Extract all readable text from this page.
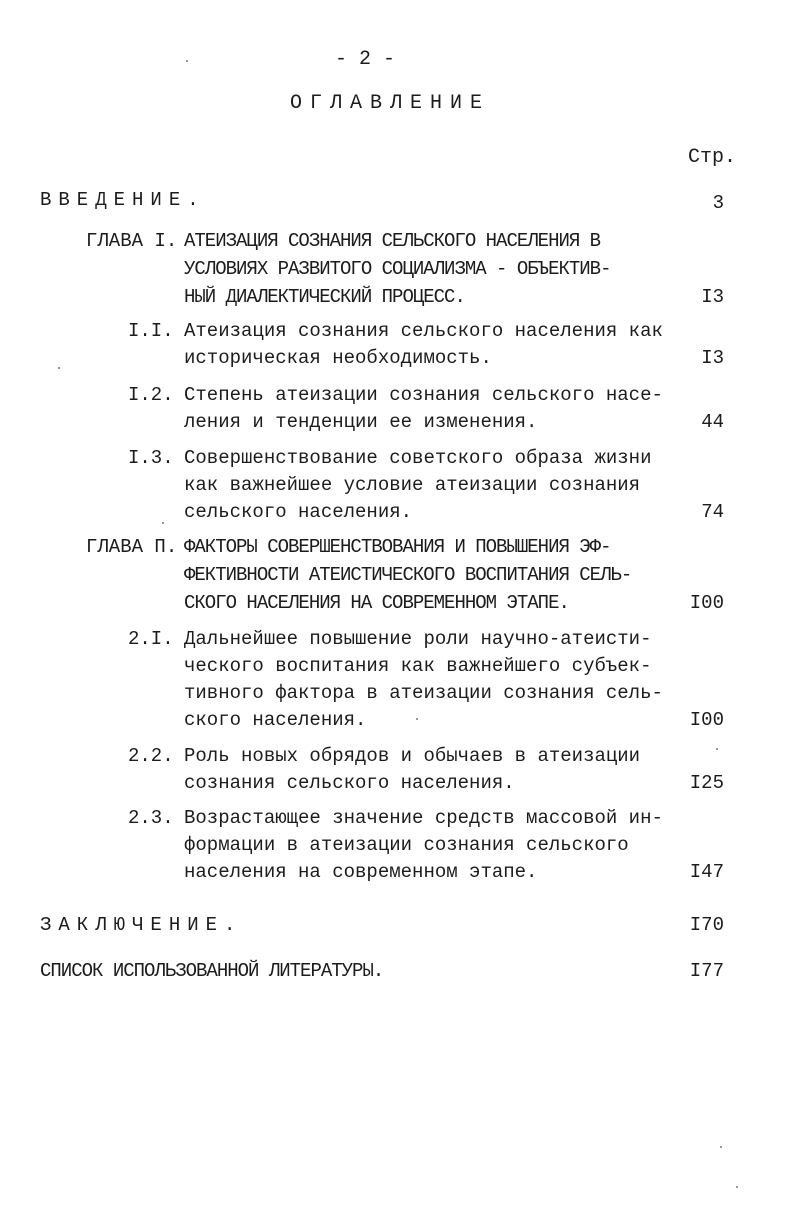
- 2 -
ОГЛАВЛЕНИЕ
Стр.
ВВЕДЕНИЕ.	3
ГЛАВА I. АТЕИЗАЦИЯ СОЗНАНИЯ СЕЛЬСКОГО НАСЕЛЕНИЯ В
УСЛОВИЯХ РАЗВИТОГО СОЦИАЛИЗМА - ОБЪЕКТИВ-
НЫЙ ДИАЛЕКТИЧЕСКИЙ ПРОЦЕСС.	I3
I.I. Атеизация сознания сельского населения как
историческая необходимость.	I3
I.2. Степень атеизации сознания сельского насе-
ления и тенденции ее изменения.	44
I.3. Совершенствование советского образа жизни
как важнейшее условие атеизации сознания
сельского населения.	74
ГЛАВА П. ФАКТОРЫ СОВЕРШЕНСТВОВАНИЯ И ПОВЫШЕНИЯ ЭФ-
ФЕКТИВНОСТИ АТЕИСТИЧЕСКОГО ВОСПИТАНИЯ СЕЛЬ-
СКОГО НАСЕЛЕНИЯ НА СОВРЕМЕННОМ ЭТАПЕ.	I00
2.I. Дальнейшее повышение роли научно-атеисти-
ческого воспитания как важнейшего субъек-
тивного фактора в атеизации сознания сель-
ского населения.	I00
2.2. Роль новых обрядов и обычаев в атеизации
сознания сельского населения.	I25
2.3. Возрастающее значение средств массовой ин-
формации в атеизации сознания сельского
населения на современном этапе.	I47
ЗАКЛЮЧЕНИЕ.	I70
СПИСОК ИСПОЛЬЗОВАННОЙ ЛИТЕРАТУРЫ.	I77
